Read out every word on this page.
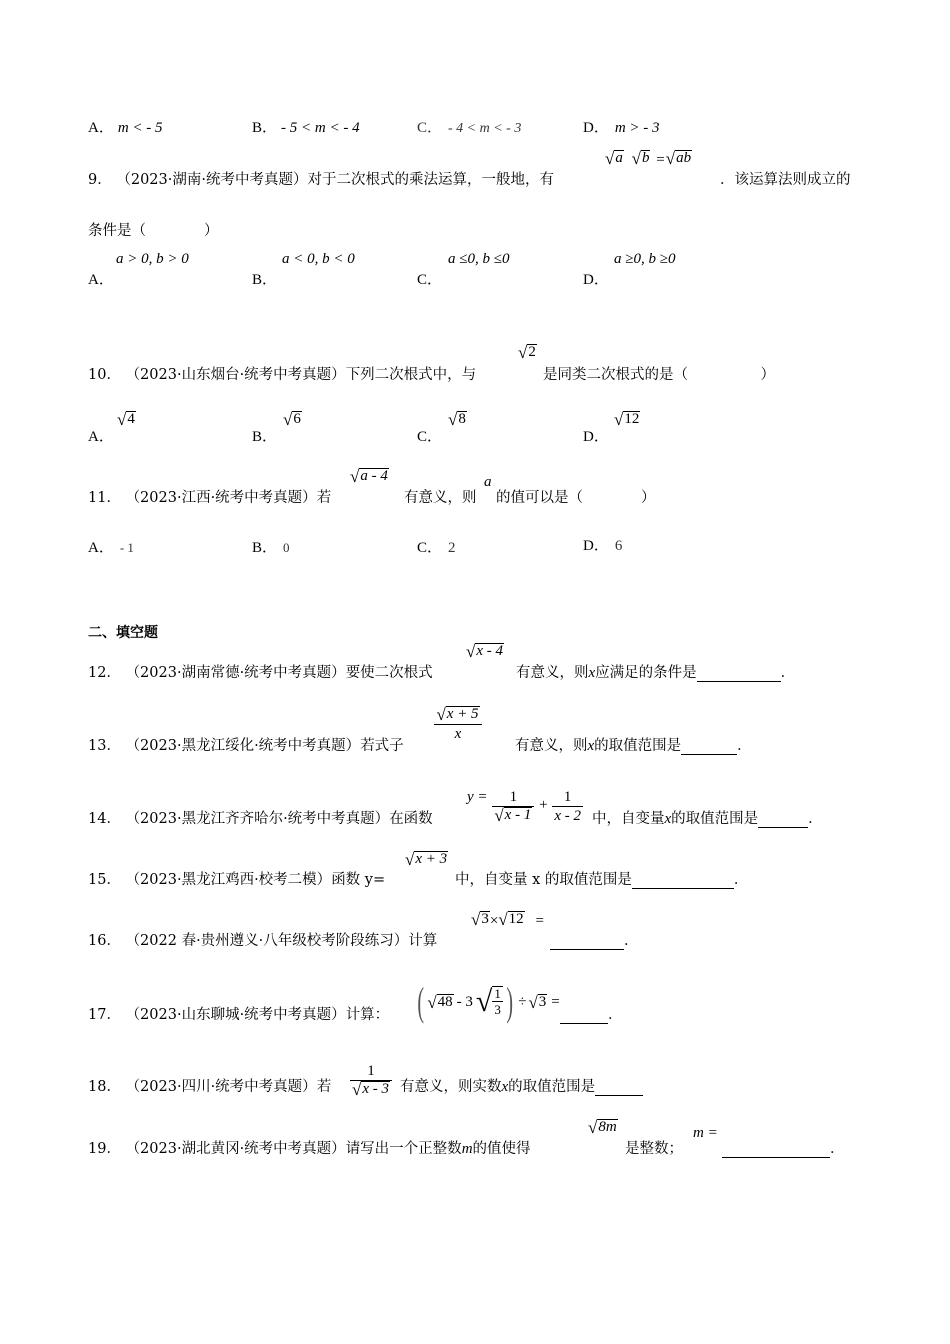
A． m < - 5	B． - 5 < m < - 4	C． - 4 < m < - 3	D． m > - 3
9． （2023·湖南·统考中考真题）对于二次根式的乘法运算，一般地，有
√ a
√ b = √ ab
．该运算法则成立的
条件是（　　　　）
A．
a > 0, b > 0
B．
a < 0, b < 0
C．
a ≤0, b ≤0
D．
a ≥0, b ≥0
10． （2023·山东烟台·统考中考真题）下列二次根式中，与
√ 2
是同类二次根式的是（　　　　　）
A．
√ 4
B．
√ 6
C．
√ 8
D．
√ 12
11． （2023·江西·统考中考真题）若
√ a - 4
有意义，则
a
的值可以是（　　　　）
A． - 1	B． 0	C． 2	D． 6
二、填空题
12． （2023·湖南常德·统考中考真题）要使二次根式
√ x - 4
有意义，则x应满足的条件是	．
13． （2023·黑龙江绥化·统考中考真题）若式子
$\frac{√ x + 5}{x}$
有意义，则x的取值范围是	．
14． （2023·黑龙江齐齐哈尔·统考中考真题）在函数
$y = \frac{1}{√ x - 1} + \frac{1}{x - 2}$ 中，自变量x的取值范围是	．
15． （2023·黑龙江鸡西·校考二模）函数 y=
√ x + 3
中，自变量 x 的取值范围是	．
16． （2022 春·贵州遵义·八年级校考阶段练习）计算
√ 3 × √ 12 =
．
17． （2023·山东聊城·统考中考真题）计算： ( √ 48 - 3 √ $\frac{1}{3}$ ) ÷ √ 3 =
．
18． （2023·四川·统考中考真题）若 $\frac{1}{√ x - 3}$ 有意义，则实数x的取值范围是
19． （2023·湖北黄冈·统考中考真题）请写出一个正整数m的值使得
√ 8m
是整数；
m =
．
